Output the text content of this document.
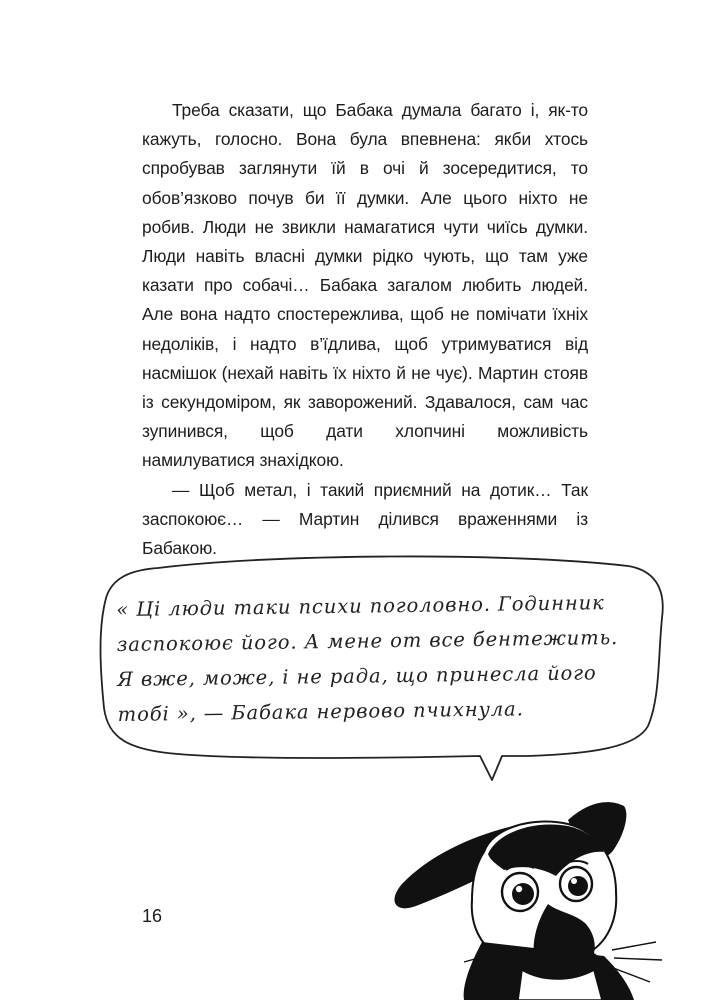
Треба сказати, що Бабака думала багато і, як-то кажуть, голосно. Вона була впевнена: якби хтось спробував заглянути їй в очі й зосередитися, то обов’язково почув би її думки. Але цього ніхто не робив. Люди не звикли намагатися чути чиїсь думки. Люди навіть власні думки рідко чують, що там уже казати про собачі… Бабака загалом любить людей. Але вона надто спостережлива, щоб не помічати їхніх недоліків, і надто в’їдлива, щоб утримуватися від насмішок (нехай навіть їх ніхто й не чує). Мартин стояв із секундоміром, як заворожений. Здавалося, сам час зупинився, щоб дати хлопчині можливість намилуватися знахідкою.

— Щоб метал, і такий приємний на дотик… Так заспокоює… — Мартин ділився враженнями із Бабакою.

« Ці люди таки психи поголовно. Годинник заспокоює його. А мене от все бентежить. Я вже, може, і не рада, що принесла його тобі », — Бабака нервово пчихнула.
16
